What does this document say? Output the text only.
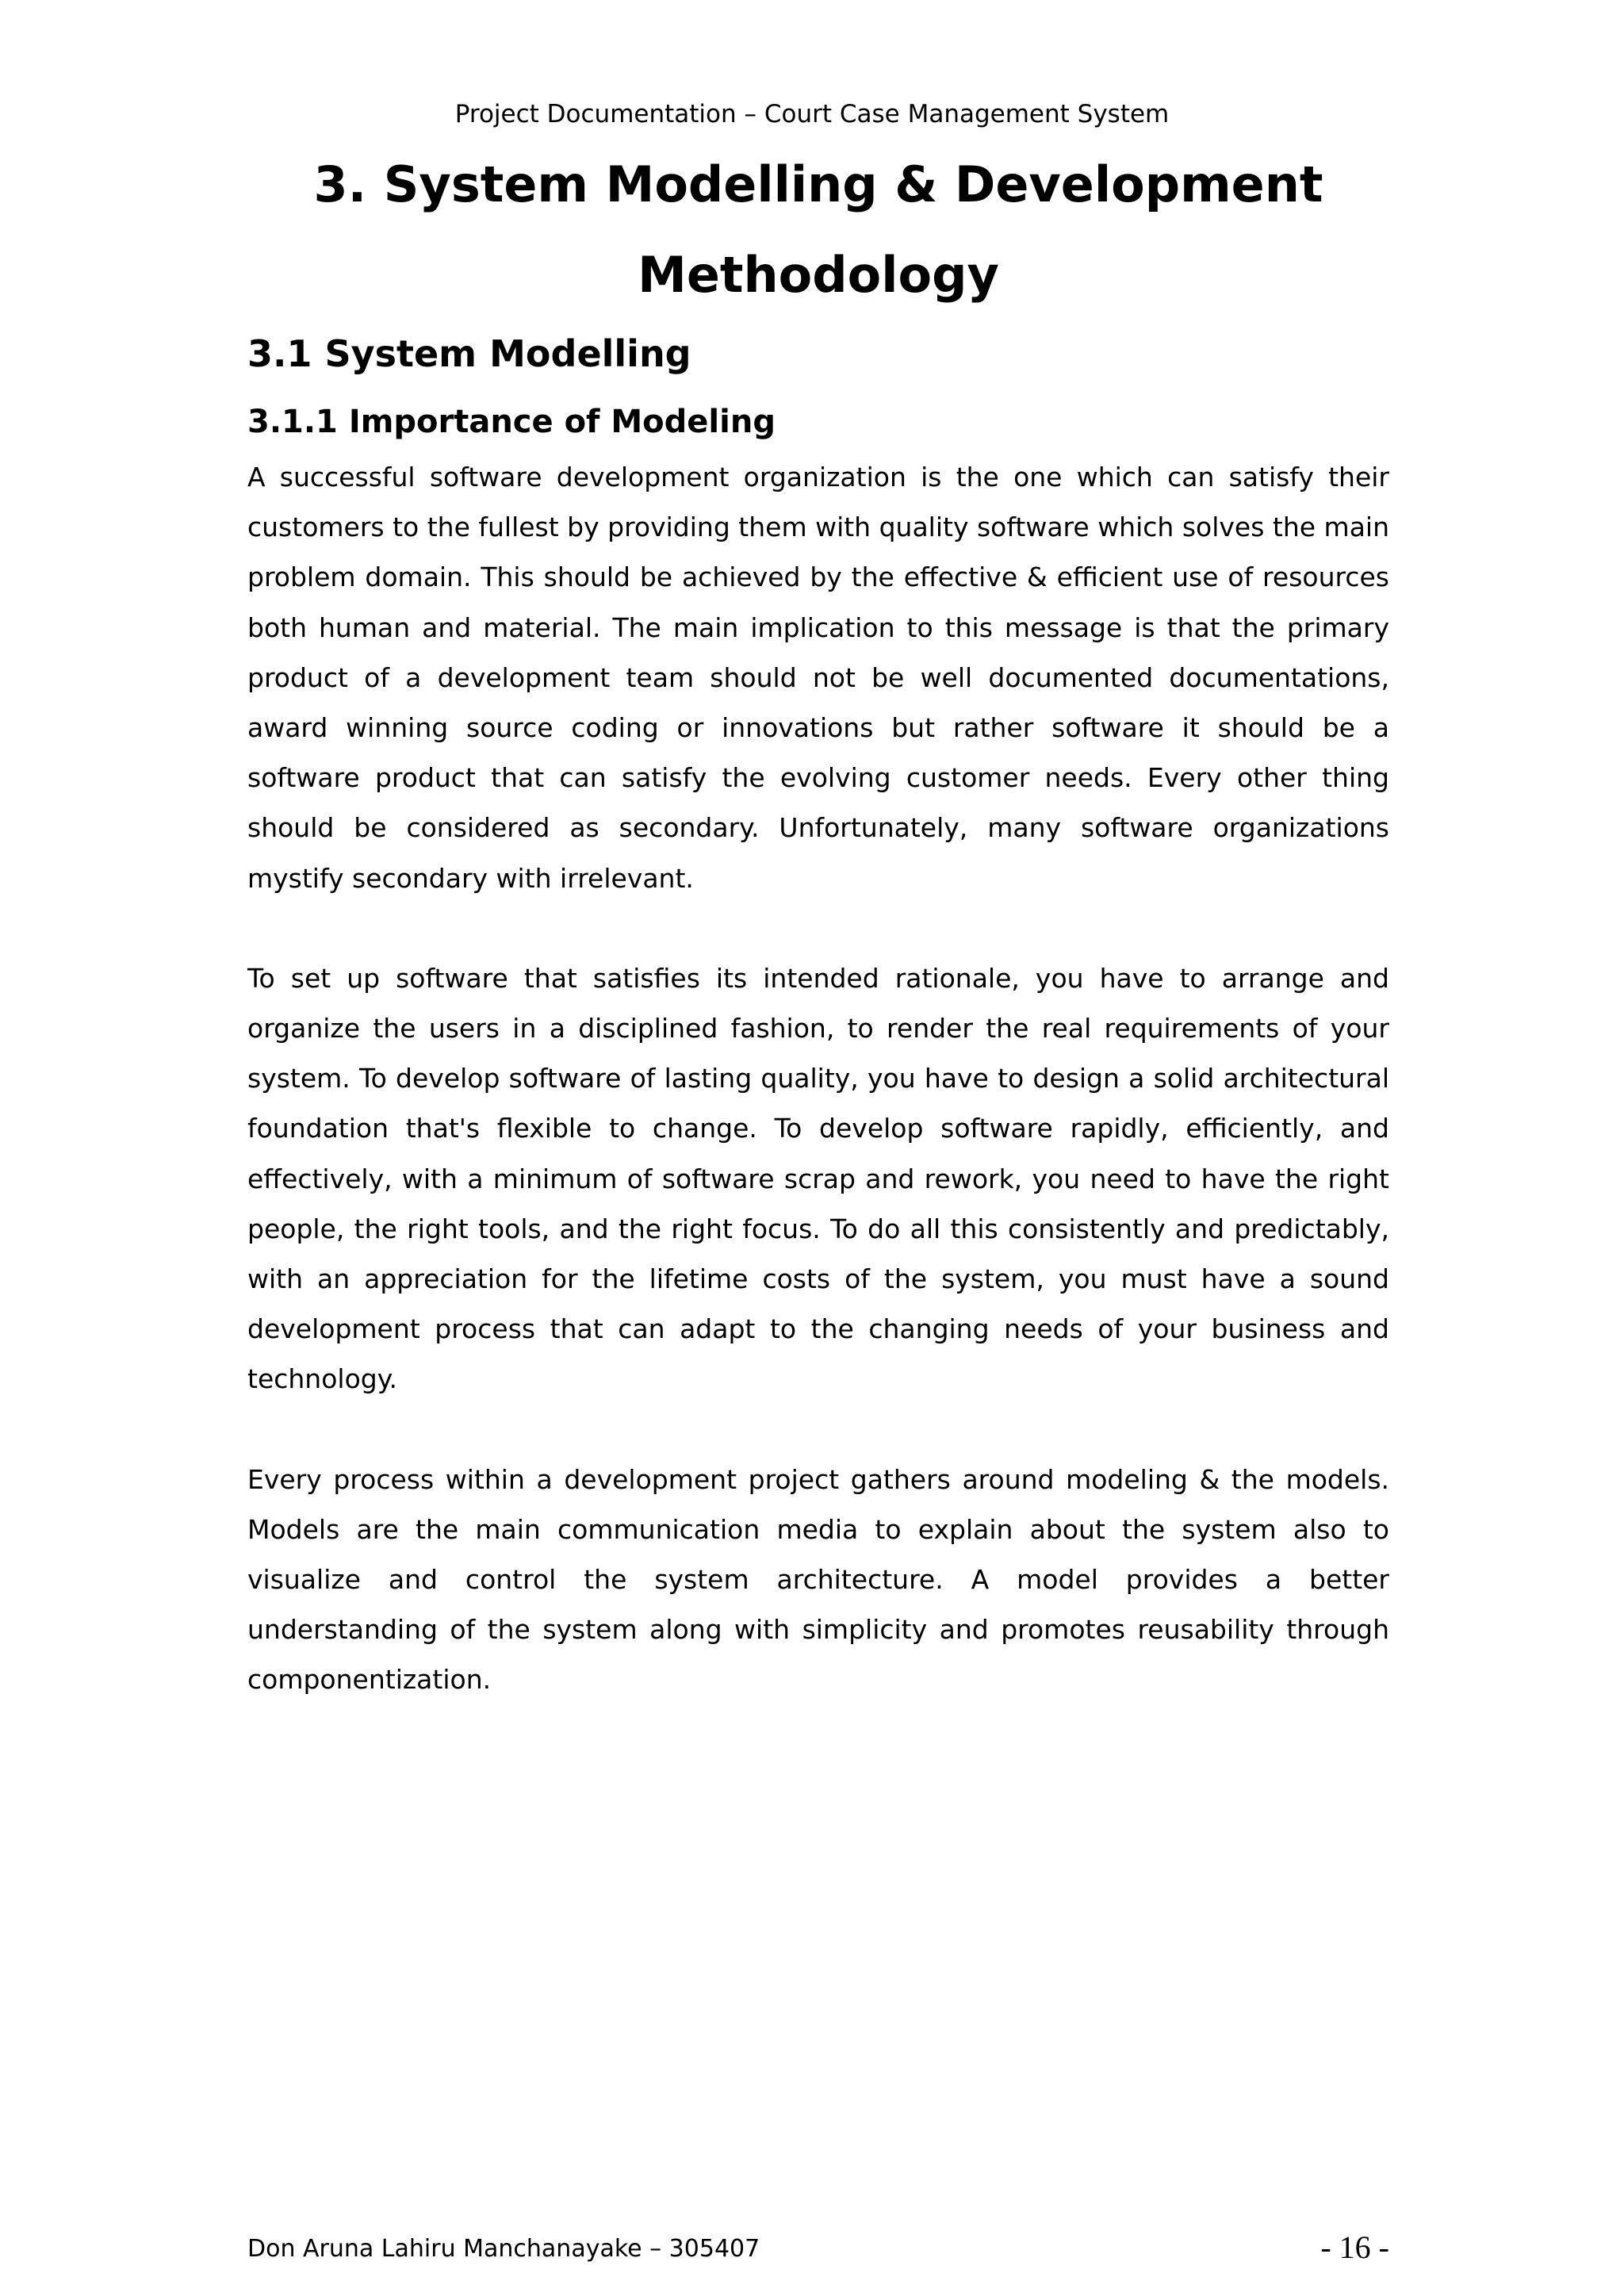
Project Documentation – Court Case Management System
3. System Modelling & Development
Methodology
3.1 System Modelling
3.1.1 Importance of Modeling

A successful software development organization is the one which can satisfy their customers to the fullest by providing them with quality software which solves the main problem domain. This should be achieved by the effective & efficient use of resources both human and material. The main implication to this message is that the primary product of a development team should not be well documented documentations, award winning source coding or innovations but rather software it should be a software product that can satisfy the evolving customer needs. Every other thing should be considered as secondary. Unfortunately, many software organizations mystify secondary with irrelevant.

To set up software that satisfies its intended rationale, you have to arrange and organize the users in a disciplined fashion, to render the real requirements of your system. To develop software of lasting quality, you have to design a solid architectural foundation that's flexible to change. To develop software rapidly, efficiently, and effectively, with a minimum of software scrap and rework, you need to have the right people, the right tools, and the right focus. To do all this consistently and predictably, with an appreciation for the lifetime costs of the system, you must have a sound development process that can adapt to the changing needs of your business and technology.

Every process within a development project gathers around modeling & the models. Models are the main communication media to explain about the system also to visualize and control the system architecture. A model provides a better understanding of the system along with simplicity and promotes reusability through componentization.

Don Aruna Lahiru Manchanayake – 305407	- 16 -
